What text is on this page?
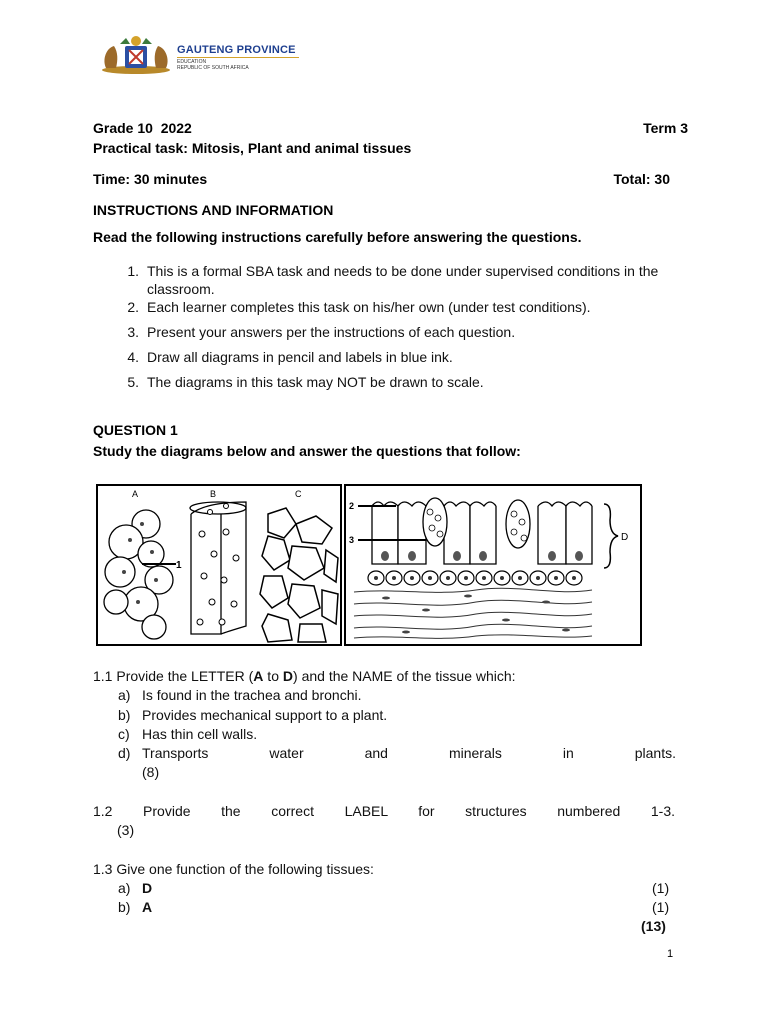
GAUTENG PROVINCE
EDUCATION
REPUBLIC OF SOUTH AFRICA
Grade 10  2022	Term 3
Practical task: Mitosis, Plant and animal tissues
Time: 30 minutes	Total: 30
INSTRUCTIONS AND INFORMATION
Read the following instructions carefully before answering the questions.
1. This is a formal SBA task and needs to be done under supervised conditions in the classroom.
2. Each learner completes this task on his/her own (under test conditions).
3. Present your answers per the instructions of each question.
4. Draw all diagrams in pencil and labels in blue ink.
5. The diagrams in this task may NOT be drawn to scale.
QUESTION 1
Study the diagrams below and answer the questions that follow:
A	B	C
1
2
3	D
1.1 Provide the LETTER (A to D) and the NAME of the tissue which:
a) Is found in the trachea and bronchi.
b) Provides mechanical support to a plant.
c) Has thin cell walls.
d) Transports water and minerals in plants.
(8)
1.2 Provide the correct LABEL for structures numbered 1-3.
(3)
1.3 Give one function of the following tissues:
a) D	(1)
b) A	(1)
(13)
1
